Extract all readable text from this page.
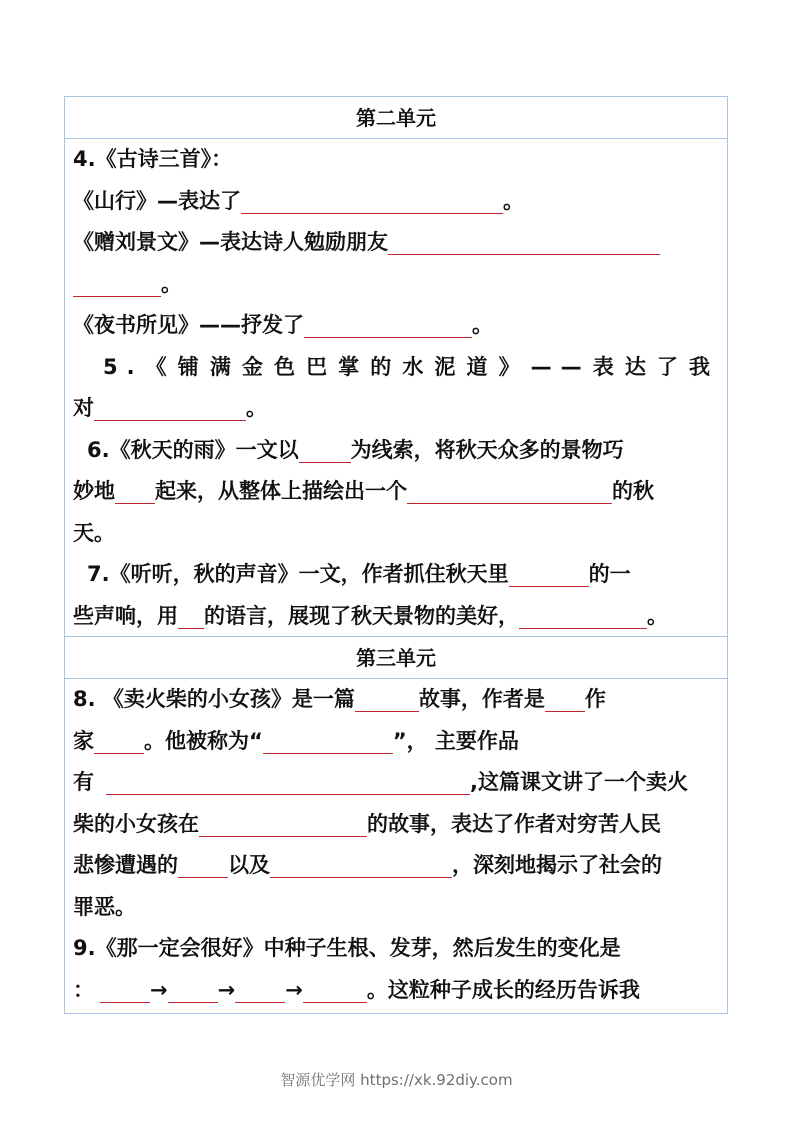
第二单元
4.《古诗三首》：
《山行》—表达了	。
《赠刘景文》—表达诗人勉励朋友
。
《夜书所见》——抒发了	。
5.《铺满金色巴掌的水泥道》——表达了我
对	。
6.《秋天的雨》一文以 为线索，将秋天众多的景物巧
妙地 起来，从整体上描绘出一个	的秋
天。
7.《听听，秋的声音》一文，作者抓住秋天里	的一
些声响，用 的语言，展现了秋天景物的美好，	。
第三单元
8. 《卖火柴的小女孩》是一篇	故事，作者是 作
家 。他被称为“	”， 主要作品
有	,这篇课文讲了一个卖火
柴的小女孩在	的故事，表达了作者对穷苦人民
悲惨遭遇的 以及	，深刻地揭示了社会的
罪恶。
9.《那一定会很好》中种子生根、发芽，然后发生的变化是
：	→ → →	。这粒种子成长的经历告诉我
智源优学网 https://xk.92diy.com
